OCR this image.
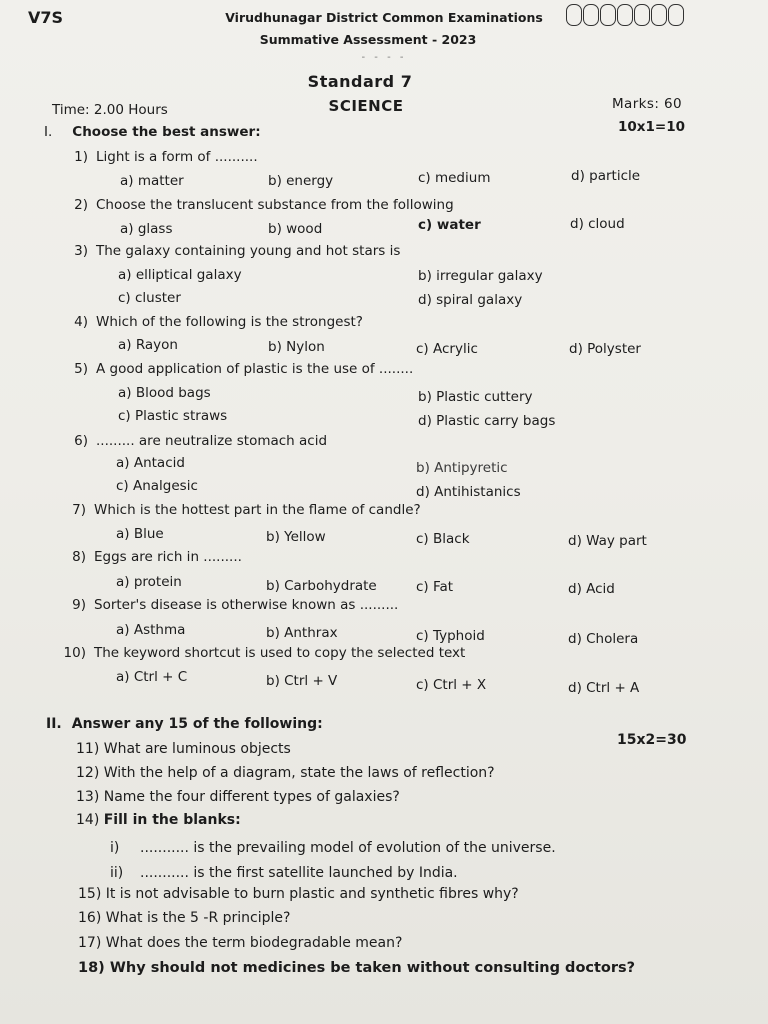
V7S	Virudhunagar District Common Examinations
Summative Assessment - 2023
- - - -
Standard 7
Time: 2.00 Hours	SCIENCE	Marks: 60
I. Choose the best answer:	10x1=10
1) Light is a form of ..........
a) matter	b) energy	c) medium	d) particle
2) Choose the translucent substance from the following
a) glass	b) wood	c) water	d) cloud
3) The galaxy containing young and hot stars is
a) elliptical galaxy	b) irregular galaxy
c) cluster	d) spiral galaxy
4) Which of the following is the strongest?
a) Rayon	b) Nylon	c) Acrylic	d) Polyster
5) A good application of plastic is the use of ........
a) Blood bags	b) Plastic cuttery
c) Plastic straws	d) Plastic carry bags
6) ......... are neutralize stomach acid
a) Antacid	b) Antipyretic
c) Analgesic	d) Antihistanics
7) Which is the hottest part in the flame of candle?
a) Blue	b) Yellow	c) Black	d) Way part
8) Eggs are rich in .........
a) protein	b) Carbohydrate	c) Fat	d) Acid
9) Sorter's disease is otherwise known as .........
a) Asthma	b) Anthrax	c) Typhoid	d) Cholera
10) The keyword shortcut is used to copy the selected text
a) Ctrl + C	b) Ctrl + V	c) Ctrl + X	d) Ctrl + A
II. Answer any 15 of the following:
15x2=30
11) What are luminous objects
12) With the help of a diagram, state the laws of reflection?
13) Name the four different types of galaxies?
14) Fill in the blanks:
i) ........... is the prevailing model of evolution of the universe.
ii) ........... is the first satellite launched by India.
15) It is not advisable to burn plastic and synthetic fibres why?
16) What is the 5 -R principle?
17) What does the term biodegradable mean?
18) Why should not medicines be taken without consulting doctors?
